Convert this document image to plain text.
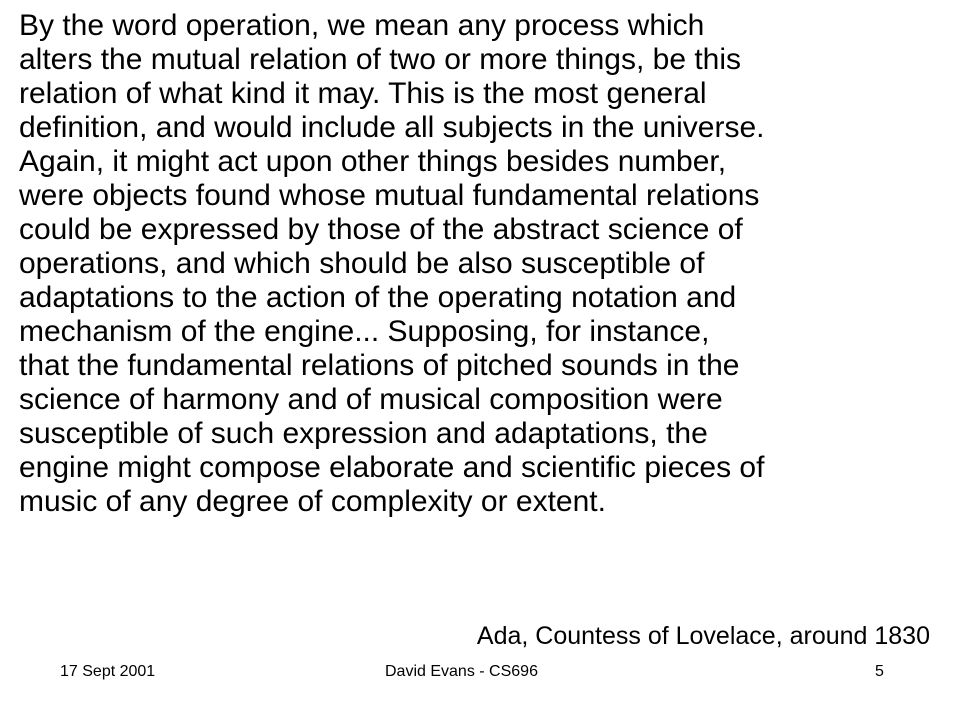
By the word operation, we mean any process which
alters the mutual relation of two or more things, be this
relation of what kind it may. This is the most general
definition, and would include all subjects in the universe.
Again, it might act upon other things besides number,
were objects found whose mutual fundamental relations
could be expressed by those of the abstract science of
operations, and which should be also susceptible of
adaptations to the action of the operating notation and
mechanism of the engine... Supposing, for instance,
that the fundamental relations of pitched sounds in the
science of harmony and of musical composition were
susceptible of such expression and adaptations, the
engine might compose elaborate and scientific pieces of
music of any degree of complexity or extent.

Ada, Countess of Lovelace, around 1830

17 Sept 2001	David Evans - CS696	5
